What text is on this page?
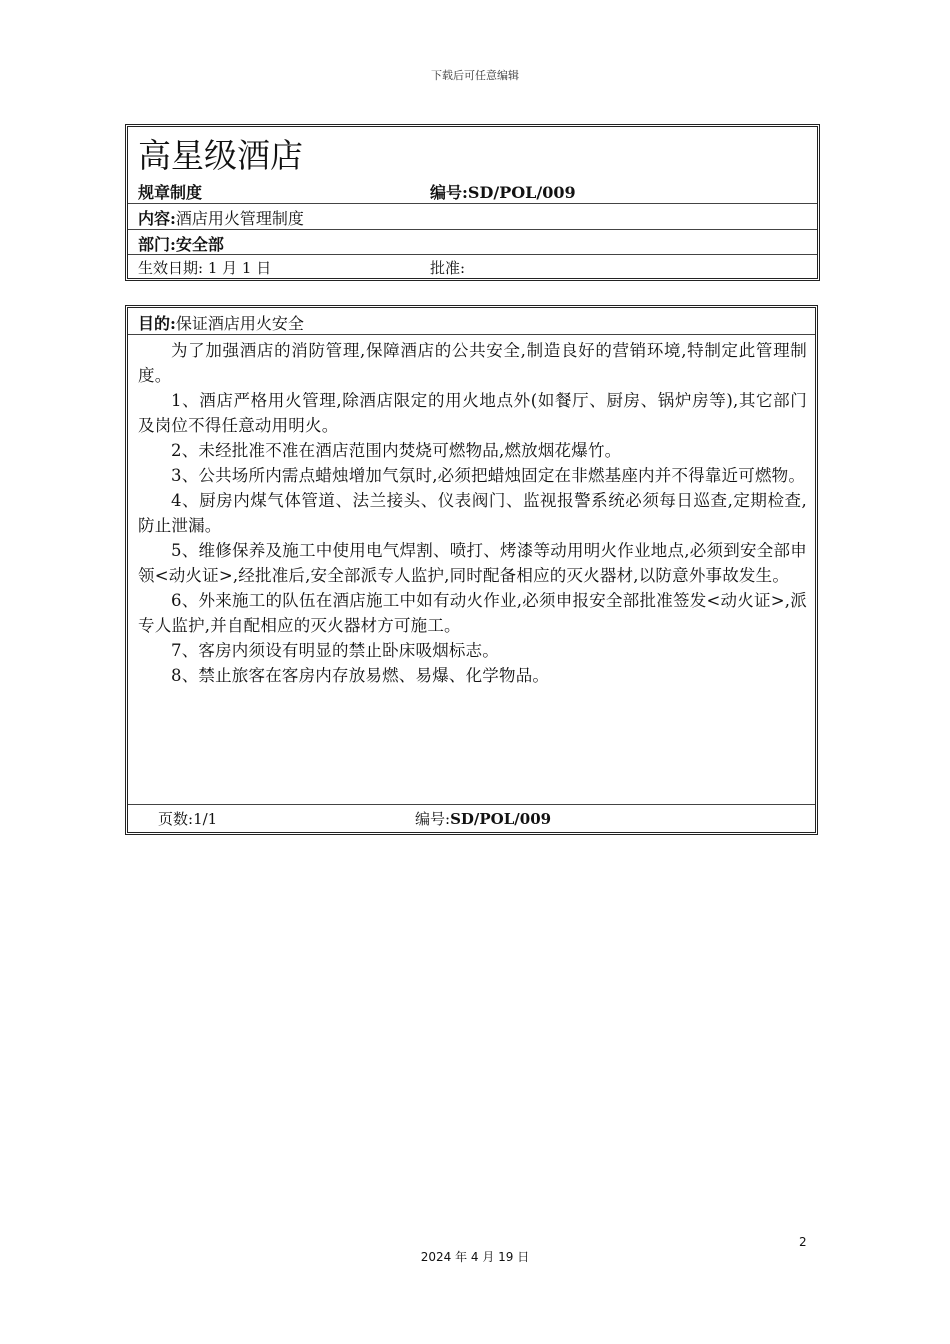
下载后可任意编辑
高星级酒店
规章制度	编号:SD/POL/009
内容:酒店用火管理制度
部门:安全部
生效日期: 1 月 1 日	批准:
目的:保证酒店用火安全

为了加强酒店的消防管理,保障酒店的公共安全,制造良好的营销环境,特制定此管理制度。

1、酒店严格用火管理,除酒店限定的用火地点外(如餐厅、厨房、锅炉房等),其它部门及岗位不得任意动用明火。

2、未经批准不准在酒店范围内焚烧可燃物品,燃放烟花爆竹。

3、公共场所内需点蜡烛增加气氛时,必须把蜡烛固定在非燃基座内并不得靠近可燃物。

4、厨房内煤气体管道、法兰接头、仪表阀门、监视报警系统必须每日巡查,定期检查,防止泄漏。

5、维修保养及施工中使用电气焊割、喷打、烤漆等动用明火作业地点,必须到安全部申领<动火证>,经批准后,安全部派专人监护,同时配备相应的灭火器材,以防意外事故发生。

6、外来施工的队伍在酒店施工中如有动火作业,必须申报安全部批准签发<动火证>,派专人监护,并自配相应的灭火器材方可施工。

7、客房内须设有明显的禁止卧床吸烟标志。

8、禁止旅客在客房内存放易燃、易爆、化学物品。

页数:1/1	编号:SD/POL/009
2
2024 年 4 月 19 日
